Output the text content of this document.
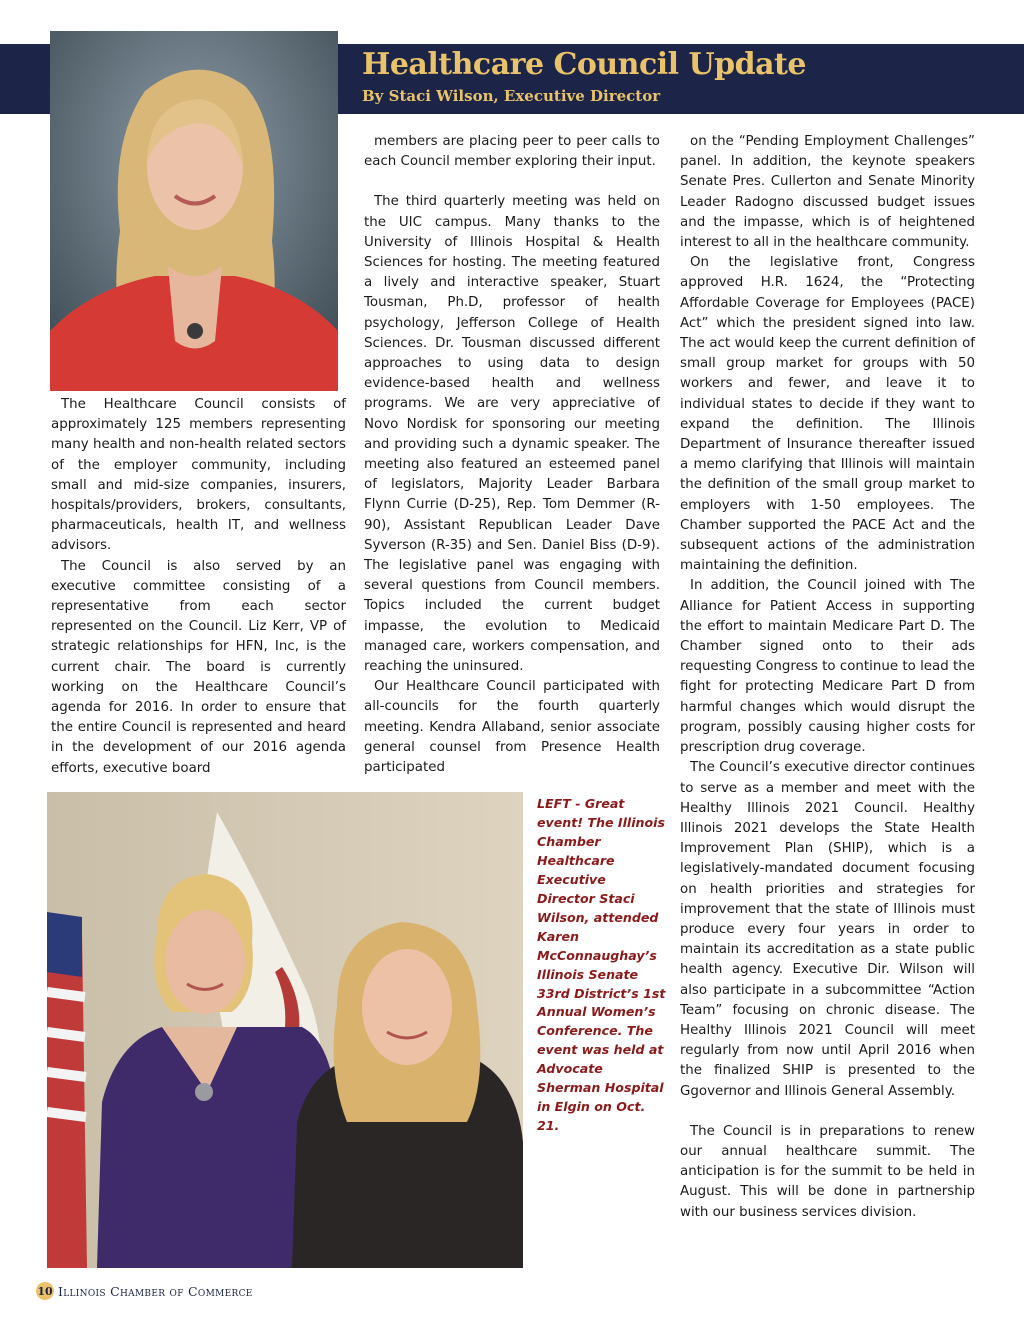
Healthcare Council Update
By Staci Wilson, Executive Director

The Healthcare Council consists of approximately 125 members representing many health and non-health related sectors of the employer community, including small and mid-size companies, insurers, hospitals/providers, brokers, consultants, pharmaceuticals, health IT, and wellness advisors.

The Council is also served by an executive committee consisting of a representative from each sector represented on the Council. Liz Kerr, VP of strategic relationships for HFN, Inc, is the current chair. The board is currently working on the Healthcare Council’s agenda for 2016. In order to ensure that the entire Council is represented and heard in the development of our 2016 agenda efforts, executive board

members are placing peer to peer calls to each Council member exploring their input.

The third quarterly meeting was held on the UIC campus. Many thanks to the University of Illinois Hospital & Health Sciences for hosting. The meeting featured a lively and interactive speaker, Stuart Tousman, Ph.D, professor of health psychology, Jefferson College of Health Sciences. Dr. Tousman discussed different approaches to using data to design evidence-based health and wellness programs. We are very appreciative of Novo Nordisk for sponsoring our meeting and providing such a dynamic speaker. The meeting also featured an esteemed panel of legislators, Majority Leader Barbara Flynn Currie (D-25), Rep. Tom Demmer (R-90), Assistant Republican Leader Dave Syverson (R-35) and Sen. Daniel Biss (D-9). The legislative panel was engaging with several questions from Council members. Topics included the current budget impasse, the evolution to Medicaid managed care, workers compensation, and reaching the uninsured.

Our Healthcare Council participated with all-councils for the fourth quarterly meeting. Kendra Allaband, senior associate general counsel from Presence Health participated

on the “Pending Employment Challenges” panel. In addition, the keynote speakers Senate Pres. Cullerton and Senate Minority Leader Radogno discussed budget issues and the impasse, which is of heightened interest to all in the healthcare community.

On the legislative front, Congress approved H.R. 1624, the “Protecting Affordable Coverage for Employees (PACE) Act” which the president signed into law. The act would keep the current definition of small group market for groups with 50 workers and fewer, and leave it to individual states to decide if they want to expand the definition. The Illinois Department of Insurance thereafter issued a memo clarifying that Illinois will maintain the definition of the small group market to employers with 1-50 employees. The Chamber supported the PACE Act and the subsequent actions of the administration maintaining the definition.

In addition, the Council joined with The Alliance for Patient Access in supporting the effort to maintain Medicare Part D. The Chamber signed onto to their ads requesting Congress to continue to lead the fight for protecting Medicare Part D from harmful changes which would disrupt the program, possibly causing higher costs for prescription drug coverage.

The Council’s executive director continues to serve as a member and meet with the Healthy Illinois 2021 Council. Healthy Illinois 2021 develops the State Health Improvement Plan (SHIP), which is a legislatively-mandated document focusing on health priorities and strategies for improvement that the state of Illinois must produce every four years in order to maintain its accreditation as a state public health agency. Executive Dir. Wilson will also participate in a subcommittee “Action Team” focusing on chronic disease. The Healthy Illinois 2021 Council will meet regularly from now until April 2016 when the finalized SHIP is presented to the Ggovernor and Illinois General Assembly.

The Council is in preparations to renew our annual healthcare summit. The anticipation is for the summit to be held in August. This will be done in partnership with our business services division.

LEFT - Great event! The Illinois Chamber Healthcare Executive Director Staci Wilson, attended Karen McConnaughay’s Illinois Senate 33rd District’s 1st Annual Women’s Conference. The event was held at Advocate Sherman Hospital in Elgin on Oct. 21.
10 Illinois Chamber of Commerce
